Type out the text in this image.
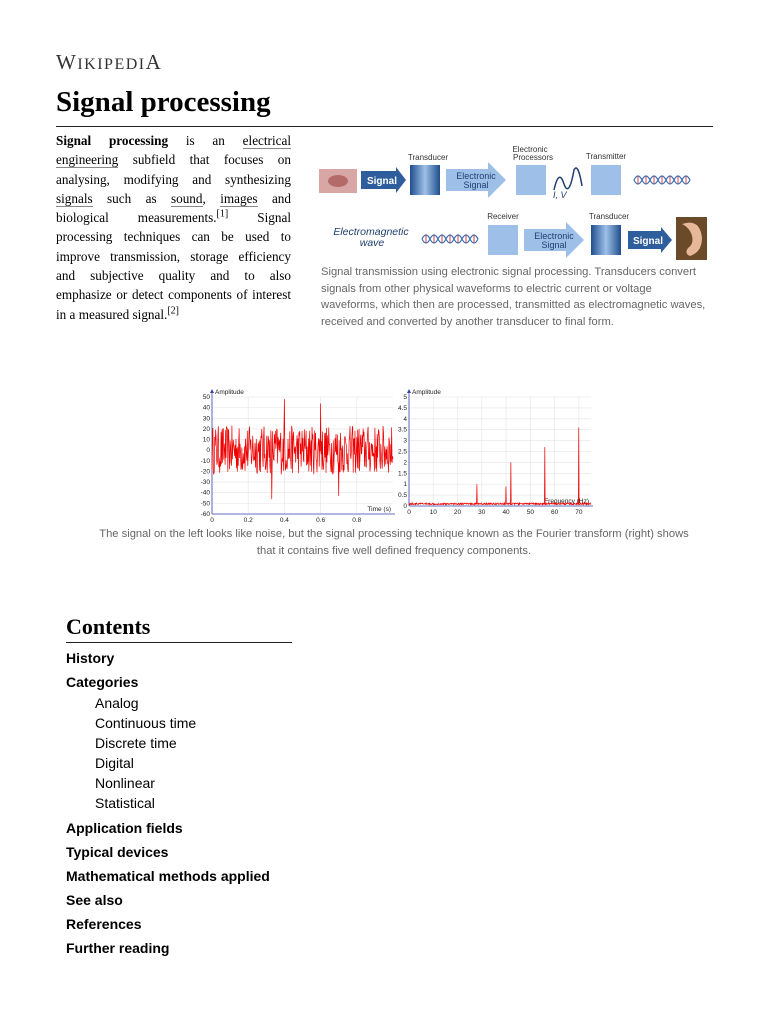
WIKIPEDIA
Signal processing

Signal processing is an electrical engineering subfield that focuses on analysing, modifying and synthesizing signals such as sound, images and biological measurements.[1] Signal processing techniques can be used to improve transmission, storage efficiency and subjective quality and to also emphasize or detect components of interest in a measured signal.[2]

Signal
Transducer
Electronic
Signal
Electronic
Processors
I, V
Transmitter
Electromagnetic
wave
Receiver
Electronic
Signal
Transducer
Signal
Signal transmission using electronic signal processing. Transducers convert signals from other physical waveforms to electric current or voltage waveforms, which then are processed, transmitted as electromagnetic waves, received and converted by another transducer to final form.
Amplitude
Time (s)
50
40
30
20
10
0
-10
-20
-30
-40
-50
-60
0	0.2	0.4	0.6	0.8
Amplitude
Frequency (Hz)
5
4.5
4
3.5
3
2.5
2
1.5
1
0.5
0
0	10	20	30	40	50	60	70
The signal on the left looks like noise, but the signal processing technique known as the Fourier transform (right) shows that it contains five well defined frequency components.
Contents
History
Categories
Analog
Continuous time
Discrete time
Digital
Nonlinear
Statistical
Application fields
Typical devices
Mathematical methods applied
See also
References
Further reading
